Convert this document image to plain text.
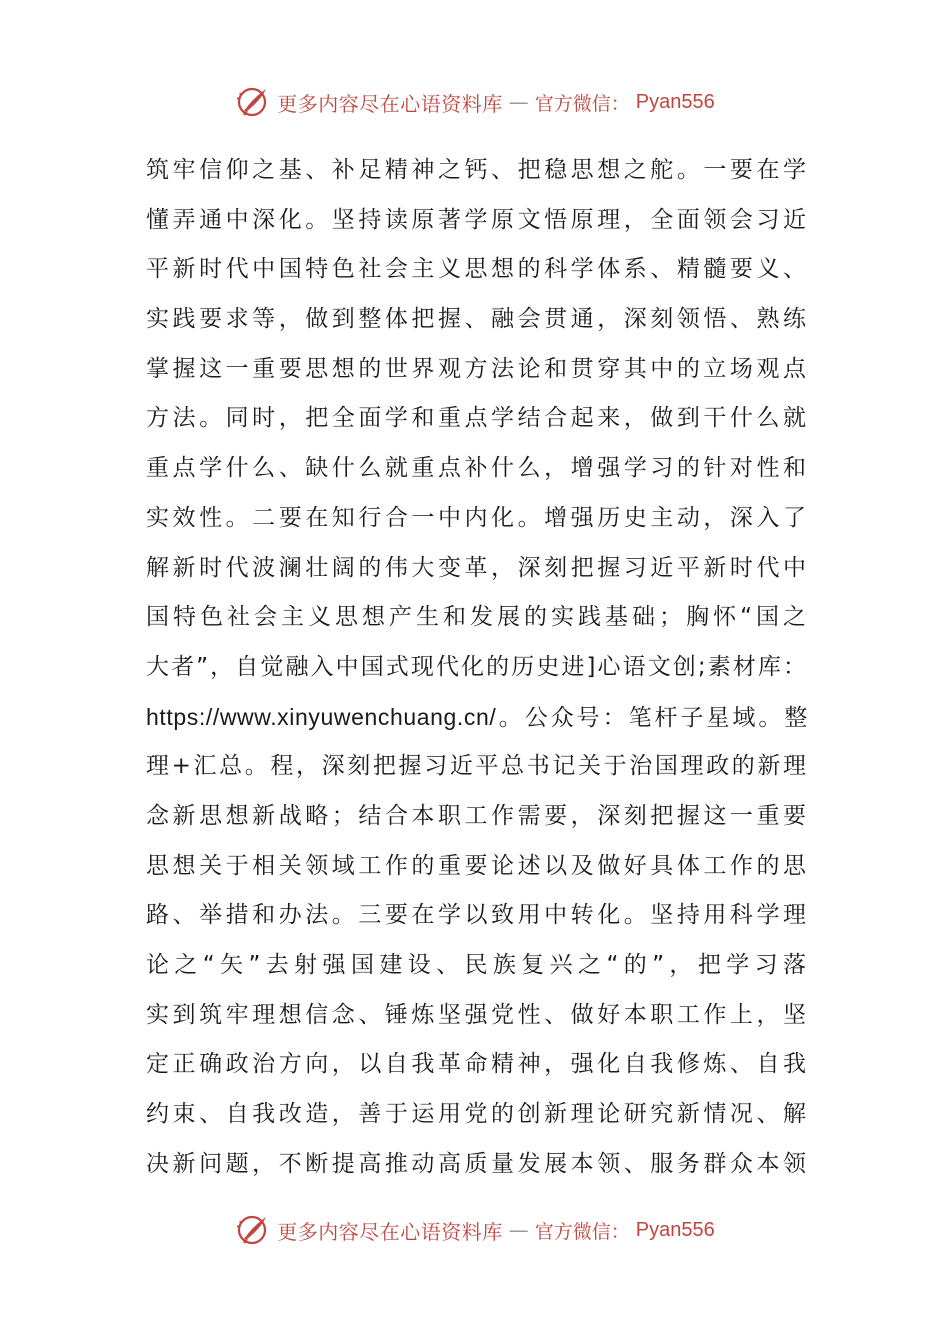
更多内容尽在心语资料库 — 官方微信： Pyan556
筑牢信仰之基、补足精神之钙、把稳思想之舵。一要在学
懂弄通中深化。坚持读原著学原文悟原理，全面领会习近
平新时代中国特色社会主义思想的科学体系、精髓要义、
实践要求等，做到整体把握、融会贯通，深刻领悟、熟练
掌握这一重要思想的世界观方法论和贯穿其中的立场观点
方法。同时，把全面学和重点学结合起来，做到干什么就
重点学什么、缺什么就重点补什么，增强学习的针对性和
实效性。二要在知行合一中内化。增强历史主动，深入了
解新时代波澜壮阔的伟大变革，深刻把握习近平新时代中
国特色社会主义思想产生和发展的实践基础；胸怀“国之
大者”，自觉融入中国式现代化的历史进]心语文创;素材库：
https://www.xinyuwenchuang.cn/。公众号：笔杆子星域。整
理+汇总。程，深刻把握习近平总书记关于治国理政的新理
念新思想新战略；结合本职工作需要，深刻把握这一重要
思想关于相关领域工作的重要论述以及做好具体工作的思
路、举措和办法。三要在学以致用中转化。坚持用科学理
论之“矢”去射强国建设、民族复兴之“的”，把学习落
实到筑牢理想信念、锤炼坚强党性、做好本职工作上，坚
定正确政治方向，以自我革命精神，强化自我修炼、自我
约束、自我改造，善于运用党的创新理论研究新情况、解
决新问题，不断提高推动高质量发展本领、服务群众本领
更多内容尽在心语资料库 — 官方微信： Pyan556
